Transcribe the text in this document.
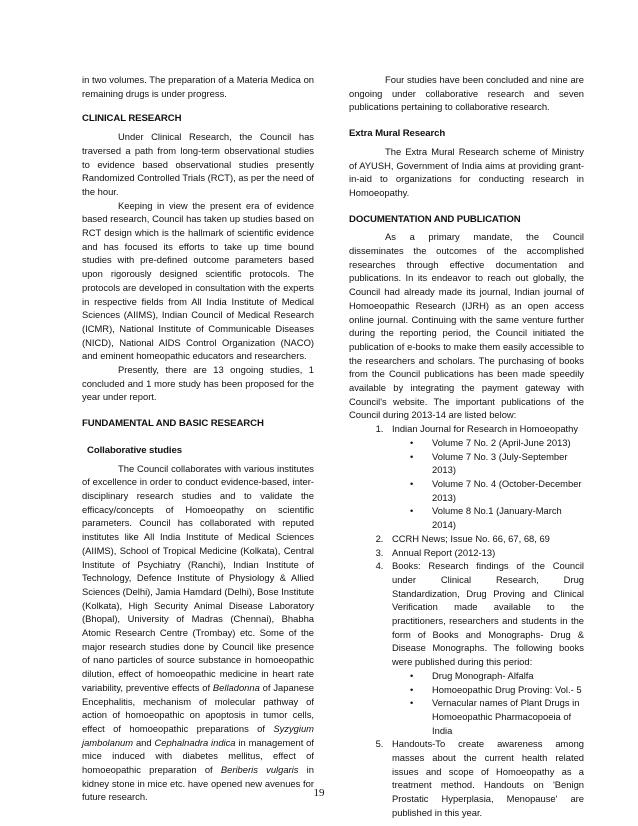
in two volumes. The preparation of a Materia Medica on remaining drugs is under progress.

CLINICAL RESEARCH

Under Clinical Research, the Council has traversed a path from long-term observational studies to evidence based observational studies presently Randomized Controlled Trials (RCT), as per the need of the hour.

Keeping in view the present era of evidence based research, Council has taken up studies based on RCT design which is the hallmark of scientific evidence and has focused its efforts to take up time bound studies with pre-defined outcome parameters based upon rigorously designed scientific protocols. The protocols are developed in consultation with the experts in respective fields from All India Institute of Medical Sciences (AIIMS), Indian Council of Medical Research (ICMR), National Institute of Communicable Diseases (NICD), National AIDS Control Organization (NACO) and eminent homeopathic educators and researchers.

Presently, there are 13 ongoing studies, 1 concluded and 1 more study has been proposed for the year under report.

FUNDAMENTAL AND BASIC RESEARCH
Collaborative studies

The Council collaborates with various institutes of excellence in order to conduct evidence-based, inter-disciplinary research studies and to validate the efficacy/concepts of Homoeopathy on scientific parameters. Council has collaborated with reputed institutes like All India Institute of Medical Sciences (AIIMS), School of Tropical Medicine (Kolkata), Central Institute of Psychiatry (Ranchi), Indian Institute of Technology, Defence Institute of Physiology & Allied Sciences (Delhi), Jamia Hamdard (Delhi), Bose Institute (Kolkata), High Security Animal Disease Laboratory (Bhopal), University of Madras (Chennai), Bhabha Atomic Research Centre (Trombay) etc. Some of the major research studies done by Council like presence of nano particles of source substance in homoeopathic dilution, effect of homoeopathic medicine in heart rate variability, preventive effects of Belladonna of Japanese Encephalitis, mechanism of molecular pathway of action of homoeopathic on apoptosis in tumor cells, effect of homoeopathic preparations of Syzygium jambolanum and Cephalnadra indica in management of mice induced with diabetes mellitus, effect of homoeopathic preparation of Beriberis vulgaris in kidney stone in mice etc. have opened new avenues for future research.

Four studies have been concluded and nine are ongoing under collaborative research and seven publications pertaining to collaborative research.

Extra Mural Research

The Extra Mural Research scheme of Ministry of AYUSH, Government of India aims at providing grant-in-aid to organizations for conducting research in Homoeopathy.

DOCUMENTATION AND PUBLICATION

As a primary mandate, the Council disseminates the outcomes of the accomplished researches through effective documentation and publications. In its endeavor to reach out globally, the Council had already made its journal, Indian journal of Homoeopathic Research (IJRH) as an open access online journal. Continuing with the same venture further during the reporting period, the Council initiated the publication of e-books to make them easily accessible to the researchers and scholars. The purchasing of books from the Council publications has been made speedily available by integrating the payment gateway with Council's website. The important publications of the Council during 2013-14 are listed below:

1. Indian Journal for Research in Homoeopathy
• Volume 7 No. 2 (April-June 2013)
• Volume 7 No. 3 (July-September 2013)
• Volume 7 No. 4 (October-December 2013)
• Volume 8 No.1 (January-March 2014)
2. CCRH News; Issue No. 66, 67, 68, 69
3. Annual Report (2012-13)
4. Books: Research findings of the Council under Clinical Research, Drug Standardization, Drug Proving and Clinical Verification made available to the practitioners, researchers and students in the form of Books and Monographs- Drug & Disease Monographs. The following books were published during this period:
• Drug Monograph- Alfalfa
• Homoeopathic Drug Proving: Vol.- 5
• Vernacular names of Plant Drugs in Homoeopathic Pharmacopoeia of India
5. Handouts-To create awareness among masses about the current health related issues and scope of Homoeopathy as a treatment method. Handouts on 'Benign Prostatic Hyperplasia, Menopause' are published in this year.
19
